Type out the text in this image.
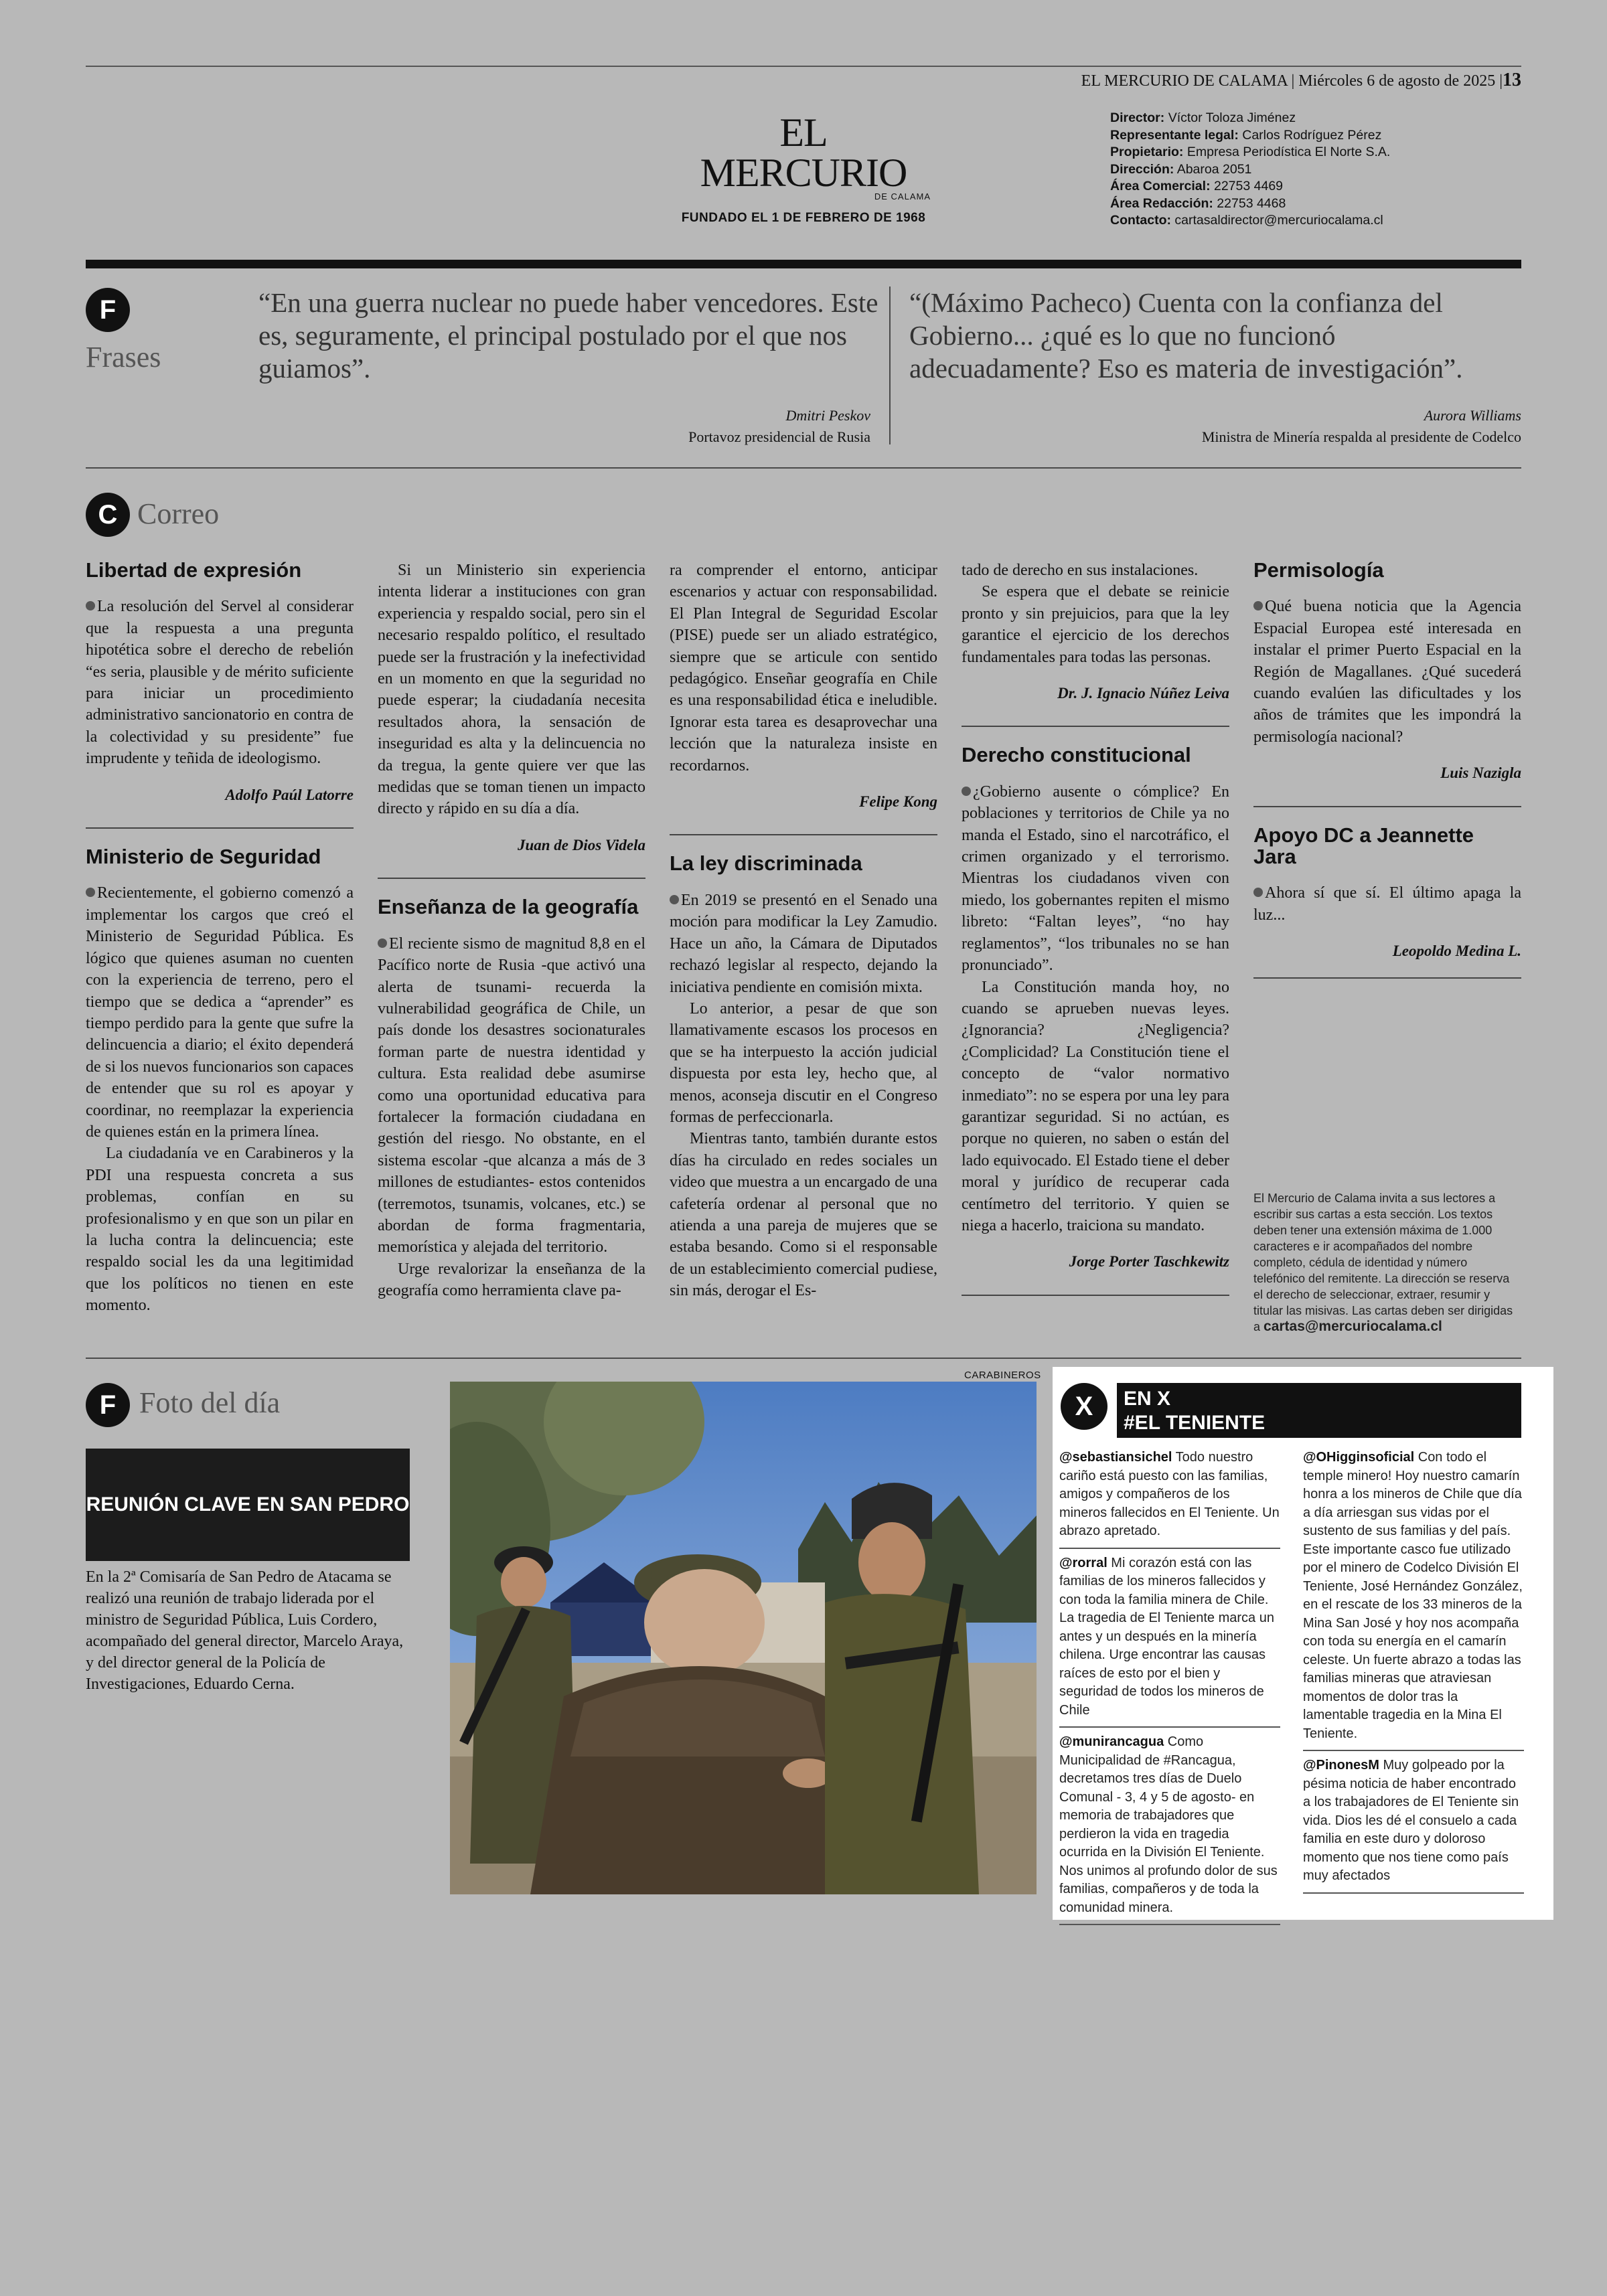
EL MERCURIO DE CALAMA | Miércoles 6 de agosto de 2025 |13
EL MERCURIO
DE CALAMA
FUNDADO EL 1 DE FEBRERO DE 1968
Director: Víctor Toloza Jiménez
Representante legal: Carlos Rodríguez Pérez
Propietario: Empresa Periodística El Norte S.A.
Dirección: Abaroa 2051
Área Comercial: 22753 4469
Área Redacción: 22753 4468
Contacto: cartasaldirector@mercuriocalama.cl
F
Frases
“En una guerra nuclear no puede haber vencedores. Este es, seguramente, el principal postulado por el que nos guiamos”.
Dmitri Peskov
Portavoz presidencial de Rusia
“(Máximo Pacheco) Cuenta con la confianza del Gobierno... ¿qué es lo que no funcionó adecuadamente? Eso es materia de investigación”.
Aurora Williams
Ministra de Minería respalda al presidente de Codelco
C Correo
Libertad de expresión

La resolución del Servel al considerar que la respuesta a una pregunta hipotética sobre el derecho de rebelión “es seria, plausible y de mérito suficiente para iniciar un procedimiento administrativo sancionatorio en contra de la colectividad y su presidente” fue imprudente y teñida de ideologismo.

Adolfo Paúl Latorre
Ministerio de Seguridad

Recientemente, el gobierno comenzó a implementar los cargos que creó el Ministerio de Seguridad Pública. Es lógico que quienes asuman no cuenten con la experiencia de terreno, pero el tiempo que se dedica a “aprender” es tiempo perdido para la gente que sufre la delincuencia a diario; el éxito dependerá de si los nuevos funcionarios son capaces de entender que su rol es apoyar y coordinar, no reemplazar la experiencia de quienes están en la primera línea.

La ciudadanía ve en Carabineros y la PDI una respuesta concreta a sus problemas, confían en su profesionalismo y en que son un pilar en la lucha contra la delincuencia; este respaldo social les da una legitimidad que los políticos no tienen en este momento.

Si un Ministerio sin experiencia intenta liderar a instituciones con gran experiencia y respaldo social, pero sin el necesario respaldo político, el resultado puede ser la frustración y la inefectividad en un momento en que la seguridad no puede esperar; la ciudadanía necesita resultados ahora, la sensación de inseguridad es alta y la delincuencia no da tregua, la gente quiere ver que las medidas que se toman tienen un impacto directo y rápido en su día a día.

Juan de Dios Videla
Enseñanza de la geografía

El reciente sismo de magnitud 8,8 en el Pacífico norte de Rusia -que activó una alerta de tsunami- recuerda la vulnerabilidad geográfica de Chile, un país donde los desastres socionaturales forman parte de nuestra identidad y cultura. Esta realidad debe asumirse como una oportunidad educativa para fortalecer la formación ciudadana en gestión del riesgo. No obstante, en el sistema escolar -que alcanza a más de 3 millones de estudiantes- estos contenidos (terremotos, tsunamis, volcanes, etc.) se abordan de forma fragmentaria, memorística y alejada del territorio.

Urge revalorizar la enseñanza de la geografía como herramienta clave pa-

ra comprender el entorno, anticipar escenarios y actuar con responsabilidad. El Plan Integral de Seguridad Escolar (PISE) puede ser un aliado estratégico, siempre que se articule con sentido pedagógico. Enseñar geografía en Chile es una responsabilidad ética e ineludible. Ignorar esta tarea es desaprovechar una lección que la naturaleza insiste en recordarnos.

Felipe Kong
La ley discriminada

En 2019 se presentó en el Senado una moción para modificar la Ley Zamudio. Hace un año, la Cámara de Diputados rechazó legislar al respecto, dejando la iniciativa pendiente en comisión mixta.

Lo anterior, a pesar de que son llamativamente escasos los procesos en que se ha interpuesto la acción judicial dispuesta por esta ley, hecho que, al menos, aconseja discutir en el Congreso formas de perfeccionarla.

Mientras tanto, también durante estos días ha circulado en redes sociales un video que muestra a un encargado de una cafetería ordenar al personal que no atienda a una pareja de mujeres que se estaba besando. Como si el responsable de un establecimiento comercial pudiese, sin más, derogar el Es-

tado de derecho en sus instalaciones.

Se espera que el debate se reinicie pronto y sin prejuicios, para que la ley garantice el ejercicio de los derechos fundamentales para todas las personas.

Dr. J. Ignacio Núñez Leiva
Derecho constitucional

¿Gobierno ausente o cómplice? En poblaciones y territorios de Chile ya no manda el Estado, sino el narcotráfico, el crimen organizado y el terrorismo. Mientras los ciudadanos viven con miedo, los gobernantes repiten el mismo libreto: “Faltan leyes”, “no hay reglamentos”, “los tribunales no se han pronunciado”.

La Constitución manda hoy, no cuando se aprueben nuevas leyes. ¿Ignorancia? ¿Negligencia? ¿Complicidad? La Constitución tiene el concepto de “valor normativo inmediato”: no se espera por una ley para garantizar seguridad. Si no actúan, es porque no quieren, no saben o están del lado equivocado. El Estado tiene el deber moral y jurídico de recuperar cada centímetro del territorio. Y quien se niega a hacerlo, traiciona su mandato.

Jorge Porter Taschkewitz
Permisología

Qué buena noticia que la Agencia Espacial Europea esté interesada en instalar el primer Puerto Espacial en la Región de Magallanes. ¿Qué sucederá cuando evalúen las dificultades y los años de trámites que les impondrá la permisología nacional?

Luis Nazigla
Apoyo DC a Jeannette Jara

Ahora sí que sí. El último apaga la luz...

Leopoldo Medina L.
El Mercurio de Calama invita a sus lectores a escribir sus cartas a esta sección. Los textos deben tener una extensión máxima de 1.000 caracteres e ir acompañados del nombre completo, cédula de identidad y número telefónico del remitente. La dirección se reserva el derecho de seleccionar, extraer, resumir y titular las misivas. Las cartas deben ser dirigidas a cartas@mercuriocalama.cl
F Foto del día
REUNIÓN CLAVE EN SAN PEDRO
En la 2ª Comisaría de San Pedro de Atacama se realizó una reunión de trabajo liderada por el ministro de Seguridad Pública, Luis Cordero, acompañado del general director, Marcelo Araya, y del director general de la Policía de Investigaciones, Eduardo Cerna.
CARABINEROS
X	EN X
#EL TENIENTE
@sebastiansichel Todo nuestro cariño está puesto con las familias, amigos y compañeros de los mineros fallecidos en El Teniente. Un abrazo apretado.
@rorral Mi corazón está con las familias de los mineros fallecidos y con toda la familia minera de Chile. La tragedia de El Teniente marca un antes y un después en la minería chilena. Urge encontrar las causas raíces de esto por el bien y seguridad de todos los mineros de Chile
@munirancagua Como Municipalidad de #Rancagua, decretamos tres días de Duelo Comunal - 3, 4 y 5 de agosto- en memoria de trabajadores que perdieron la vida en tragedia ocurrida en la División El Teniente. Nos unimos al profundo dolor de sus familias, compañeros y de toda la comunidad minera.
@OHigginsoficial Con todo el temple minero! Hoy nuestro camarín honra a los mineros de Chile que día a día arriesgan sus vidas por el sustento de sus familias y del país. Este importante casco fue utilizado por el minero de Codelco División El Teniente, José Hernández González, en el rescate de los 33 mineros de la Mina San José y hoy nos acompaña con toda su energía en el camarín celeste. Un fuerte abrazo a todas las familias mineras que atraviesan momentos de dolor tras la lamentable tragedia en la Mina El Teniente.
@PinonesM Muy golpeado por la pésima noticia de haber encontrado a los trabajadores de El Teniente sin vida. Dios les dé el consuelo a cada familia en este duro y doloroso momento que nos tiene como país muy afectados
